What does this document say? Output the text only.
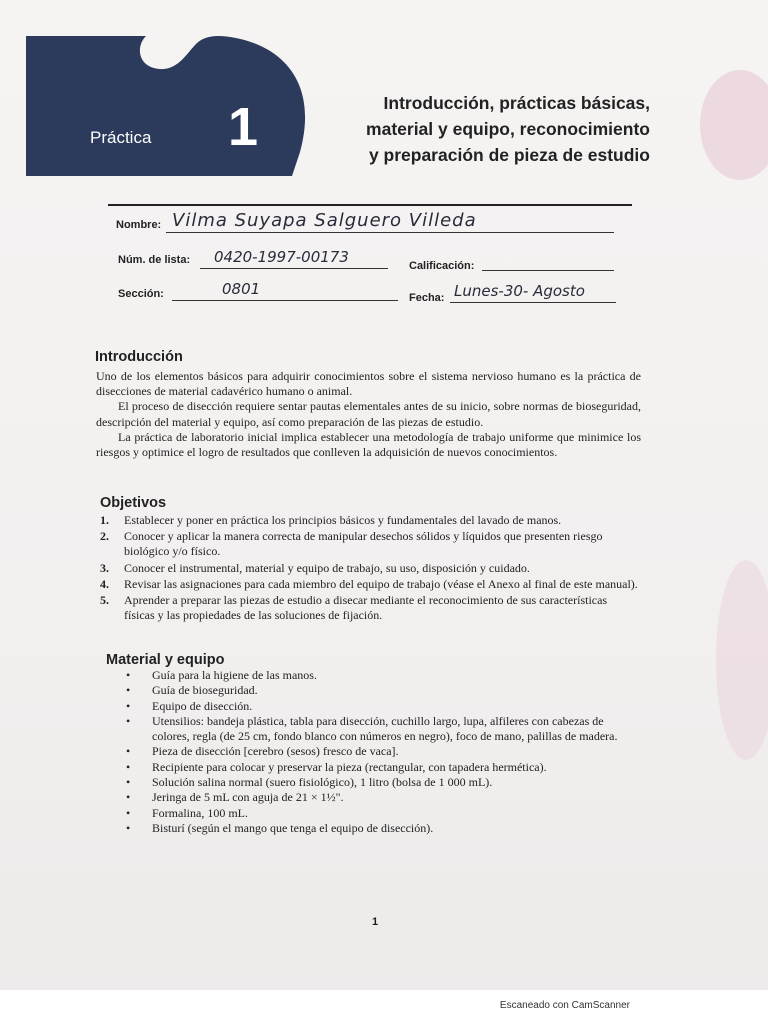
Práctica 1	Introducción, prácticas básicas,
material y equipo, reconocimiento
y preparación de pieza de estudio
Nombre: Vilma Suyapa Salguero Villeda
Núm. de lista: 0420-1997-00173	Calificación:
Sección:	0801	Fecha: Lunes-30- Agosto
Introducción

Uno de los elementos básicos para adquirir conocimientos sobre el sistema nervioso humano es la práctica de disecciones de material cadavérico humano o animal.

El proceso de disección requiere sentar pautas elementales antes de su inicio, sobre normas de bioseguridad, descripción del material y equipo, así como preparación de las piezas de estudio.

La práctica de laboratorio inicial implica establecer una metodología de trabajo uniforme que minimice los riesgos y optimice el logro de resultados que conlleven la adquisición de nuevos conocimientos.

Objetivos
1. Establecer y poner en práctica los principios básicos y fundamentales del lavado de manos.
2. Conocer y aplicar la manera correcta de manipular desechos sólidos y líquidos que presenten riesgo biológico y/o físico.
3. Conocer el instrumental, material y equipo de trabajo, su uso, disposición y cuidado.
4. Revisar las asignaciones para cada miembro del equipo de trabajo (véase el Anexo al final de este manual).
5. Aprender a preparar las piezas de estudio a disecar mediante el reconocimiento de sus características físicas y las propiedades de las soluciones de fijación.
Material y equipo
• Guía para la higiene de las manos.
• Guía de bioseguridad.
• Equipo de disección.
• Utensilios: bandeja plástica, tabla para disección, cuchillo largo, lupa, alfileres con cabezas de colores, regla (de 25 cm, fondo blanco con números en negro), foco de mano, palillas de madera.
• Pieza de disección [cerebro (sesos) fresco de vaca].
• Recipiente para colocar y preservar la pieza (rectangular, con tapadera hermética).
• Solución salina normal (suero fisiológico), 1 litro (bolsa de 1 000 mL).
• Jeringa de 5 mL con aguja de 21 × 1½".
• Formalina, 100 mL.
• Bisturí (según el mango que tenga el equipo de disección).
1
Escaneado con CamScanner
